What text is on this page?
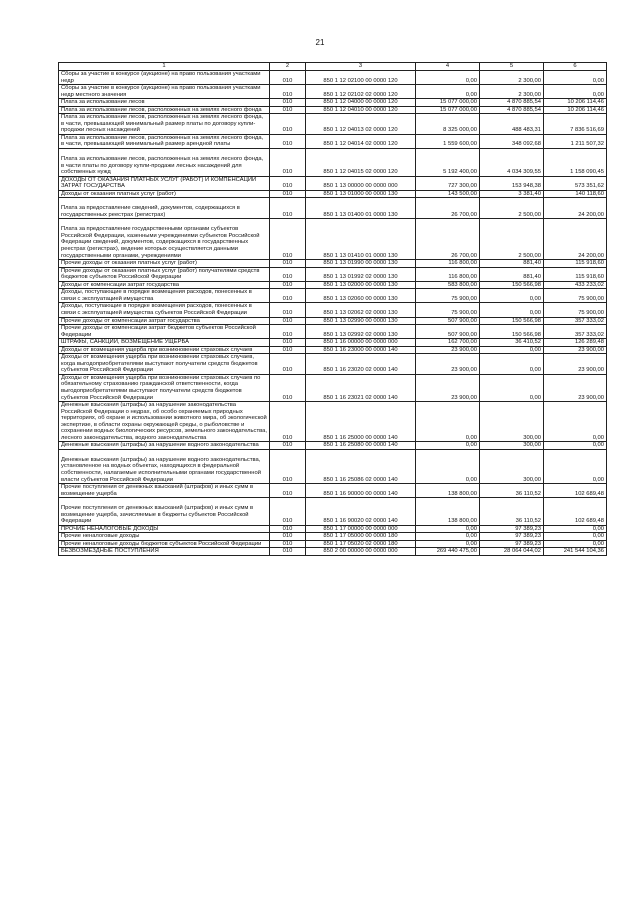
21
1	2	3	4	5	6
Сборы за участие в конкурсе (аукционе) на право пользования участками недр	010	850 1 12 02100 00 0000 120	0,00	2 300,00	0,00
Сборы за участие в конкурсе (аукционе) на право пользования участками недр местного значения	010	850 1 12 02102 02 0000 120	0,00	2 300,00	0,00
Плата за использование лесов	010	850 1 12 04000 00 0000 120	15 077 000,00	4 870 885,54	10 206 114,46
Плата за использование лесов, расположенных на землях лесного фонда	010	850 1 12 04010 00 0000 120	15 077 000,00	4 870 885,54	10 206 114,46
Плата за использование лесов, расположенных на землях лесного фонда, в части, превышающей минимальный размер платы по договору купли-продажи лесных насаждений	010	850 1 12 04013 02 0000 120	8 325 000,00	488 483,31	7 836 516,69
Плата за использование лесов, расположенных на землях лесного фонда, в части, превышающей минимальный размер арендной платы	010	850 1 12 04014 02 0000 120	1 559 600,00	348 092,68	1 211 507,32
Плата за использование лесов, расположенных на землях лесного фонда, в части платы по договору купли-продажи лесных насаждений для собственных нужд	010	850 1 12 04015 02 0000 120	5 192 400,00	4 034 309,55	1 158 090,45
ДОХОДЫ ОТ ОКАЗАНИЯ ПЛАТНЫХ УСЛУГ (РАБОТ) И КОМПЕНСАЦИИ ЗАТРАТ ГОСУДАРСТВА	010	850 1 13 00000 00 0000 000	727 300,00	153 948,38	573 351,62
Доходы от оказания платных услуг (работ)	010	850 1 13 01000 00 0000 130	143 500,00	3 381,40	140 118,60
Плата за предоставление сведений, документов, содержащихся в государственных реестрах (регистрах)	010	850 1 13 01400 01 0000 130	26 700,00	2 500,00	24 200,00
Плата за предоставление государственными органами субъектов Российской Федерации, казенными учреждениями субъектов Российской Федерации сведений, документов, содержащихся в государственных реестрах (регистрах), ведение которых осуществляется данными государственными органами, учреждениями	010	850 1 13 01410 01 0000 130	26 700,00	2 500,00	24 200,00
Прочие доходы от оказания платных услуг (работ)	010	850 1 13 01990 00 0000 130	116 800,00	881,40	115 918,60
Прочие доходы от оказания платных услуг (работ) получателями средств бюджетов субъектов Российской Федерации	010	850 1 13 01992 02 0000 130	116 800,00	881,40	115 918,60
Доходы от компенсации затрат государства	010	850 1 13 02000 00 0000 130	583 800,00	150 566,98	433 233,02
Доходы, поступающие в порядке возмещения расходов, понесенных в связи с эксплуатацией имущества	010	850 1 13 02060 00 0000 130	75 900,00	0,00	75 900,00
Доходы, поступающие в порядке возмещения расходов, понесенных в связи с эксплуатацией имущества субъектов Российской Федерации	010	850 1 13 02062 02 0000 130	75 900,00	0,00	75 900,00
Прочие доходы от компенсации затрат государства	010	850 1 13 02990 00 0000 130	507 900,00	150 566,98	357 333,02
Прочие доходы от компенсации затрат бюджетов субъектов Российской Федерации	010	850 1 13 02992 02 0000 130	507 900,00	150 566,98	357 333,02
ШТРАФЫ, САНКЦИИ, ВОЗМЕЩЕНИЕ УЩЕРБА	010	850 1 16 00000 00 0000 000	162 700,00	36 410,52	126 289,48
Доходы от возмещения ущерба при возникновении страховых случаев	010	850 1 16 23000 00 0000 140	23 900,00	0,00	23 900,00
Доходы от возмещения ущерба при возникновении страховых случаев, когда выгодоприобретателями выступают получатели средств бюджетов субъектов Российской Федерации	010	850 1 16 23020 02 0000 140	23 900,00	0,00	23 900,00
Доходы от возмещения ущерба при возникновении страховых случаев по обязательному страхованию гражданской ответственности, когда выгодоприобретателями выступают получатели средств бюджетов субъектов Российской Федерации	010	850 1 16 23021 02 0000 140	23 900,00	0,00	23 900,00
Денежные взыскания (штрафы) за нарушение законодательства Российской Федерации о недрах, об особо охраняемых природных территориях, об охране и использовании животного мира, об экологической экспертизе, в области охраны окружающей среды, о рыболовстве и сохранении водных биологических ресурсов, земельного законодательства, лесного законодательства, водного законодательства	010	850 1 16 25000 00 0000 140	0,00	300,00	0,00
Денежные взыскания (штрафы) за нарушение водного законодательства	010	850 1 16 25080 00 0000 140	0,00	300,00	0,00
Денежные взыскания (штрафы) за нарушение водного законодательства, установленное на водных объектах, находящихся в федеральной собственности, налагаемые исполнительными органами государственной власти субъектов Российской Федерации	010	850 1 16 25086 02 0000 140	0,00	300,00	0,00
Прочие поступления от денежных взысканий (штрафов) и иных сумм в возмещение ущерба	010	850 1 16 90000 00 0000 140	138 800,00	36 110,52	102 689,48
Прочие поступления от денежных взысканий (штрафов) и иных сумм в возмещение ущерба, зачисляемые в бюджеты субъектов Российской Федерации	010	850 1 16 90020 02 0000 140	138 800,00	36 110,52	102 689,48
ПРОЧИЕ НЕНАЛОГОВЫЕ ДОХОДЫ	010	850 1 17 00000 00 0000 000	0,00	97 389,23	0,00
Прочие неналоговые доходы	010	850 1 17 05000 00 0000 180	0,00	97 389,23	0,00
Прочие неналоговые доходы бюджетов субъектов Российской Федерации	010	850 1 17 05020 02 0000 180	0,00	97 389,23	0,00
БЕЗВОЗМЕЗДНЫЕ ПОСТУПЛЕНИЯ	010	850 2 00 00000 00 0000 000	269 440 475,00	28 064 044,02	241 544 104,36
